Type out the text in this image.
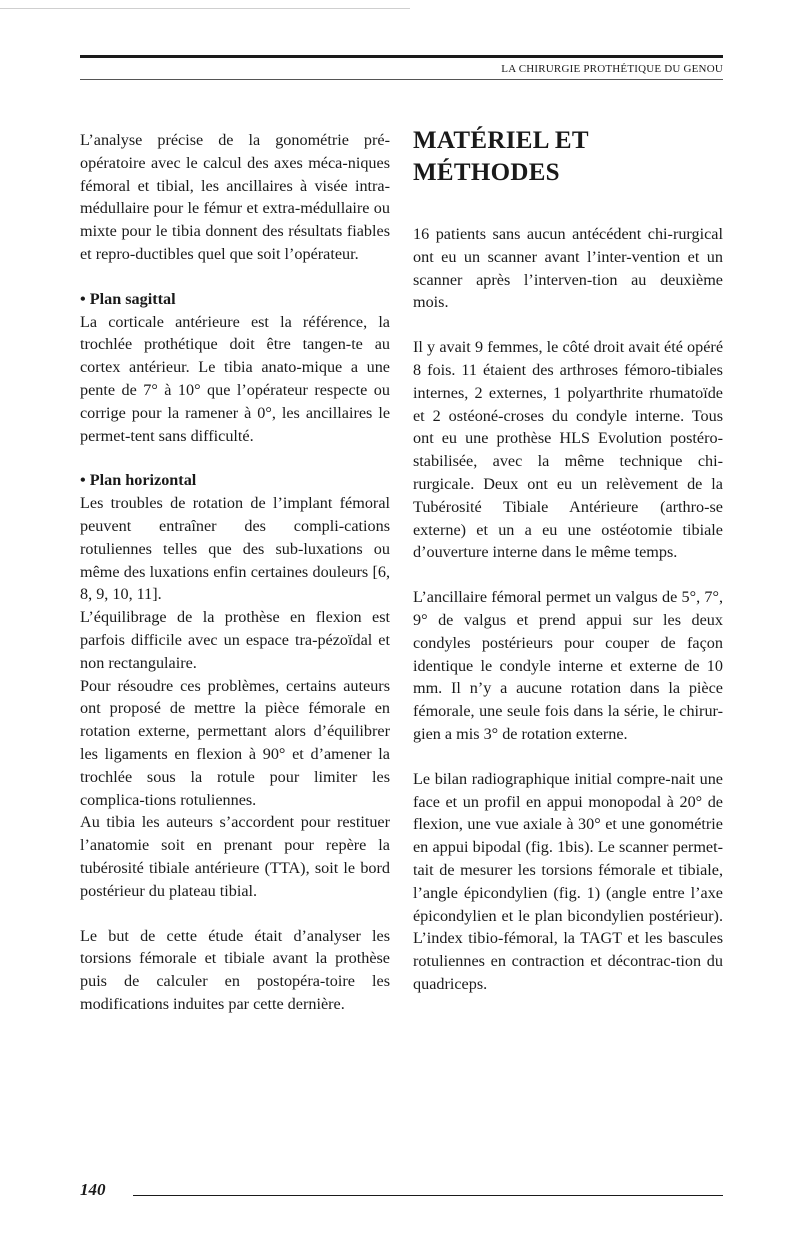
LA CHIRURGIE PROTHÉTIQUE DU GENOU

L’analyse précise de la gonométrie pré-opératoire avec le calcul des axes méca-niques fémoral et tibial, les ancillaires à visée intra-médullaire pour le fémur et extra-médullaire ou mixte pour le tibia donnent des résultats fiables et repro-ductibles quel que soit l’opérateur.

• Plan sagittal

La corticale antérieure est la référence, la trochlée prothétique doit être tangen-te au cortex antérieur. Le tibia anato-mique a une pente de 7° à 10° que l’opérateur respecte ou corrige pour la ramener à 0°, les ancillaires le permet-tent sans difficulté.

• Plan horizontal

Les troubles de rotation de l’implant fémoral peuvent entraîner des compli-cations rotuliennes telles que des sub-luxations ou même des luxations enfin certaines douleurs [6, 8, 9, 10, 11].

L’équilibrage de la prothèse en flexion est parfois difficile avec un espace tra-pézoïdal et non rectangulaire.

Pour résoudre ces problèmes, certains auteurs ont proposé de mettre la pièce fémorale en rotation externe, permettant alors d’équilibrer les ligaments en flexion à 90° et d’amener la trochlée sous la rotule pour limiter les complica-tions rotuliennes.

Au tibia les auteurs s’accordent pour restituer l’anatomie soit en prenant pour repère la tubérosité tibiale antérieure (TTA), soit le bord postérieur du plateau tibial.

Le but de cette étude était d’analyser les torsions fémorale et tibiale avant la prothèse puis de calculer en postopéra-toire les modifications induites par cette dernière.

MATÉRIEL ET
MÉTHODES

16 patients sans aucun antécédent chi-rurgical ont eu un scanner avant l’inter-vention et un scanner après l’interven-tion au deuxième mois.

Il y avait 9 femmes, le côté droit avait été opéré 8 fois. 11 étaient des arthroses fémoro-tibiales internes, 2 externes, 1 polyarthrite rhumatoïde et 2 ostéoné-croses du condyle interne. Tous ont eu une prothèse HLS Evolution postéro-stabilisée, avec la même technique chi-rurgicale. Deux ont eu un relèvement de la Tubérosité Tibiale Antérieure (arthro-se externe) et un a eu une ostéotomie tibiale d’ouverture interne dans le même temps.

L’ancillaire fémoral permet un valgus de 5°, 7°, 9° de valgus et prend appui sur les deux condyles postérieurs pour couper de façon identique le condyle interne et externe de 10 mm. Il n’y a aucune rotation dans la pièce fémorale, une seule fois dans la série, le chirur-gien a mis 3° de rotation externe.

Le bilan radiographique initial compre-nait une face et un profil en appui monopodal à 20° de flexion, une vue axiale à 30° et une gonométrie en appui bipodal (fig. 1bis). Le scanner permet-tait de mesurer les torsions fémorale et tibiale, l’angle épicondylien (fig. 1) (angle entre l’axe épicondylien et le plan bicondylien postérieur). L’index tibio-fémoral, la TAGT et les bascules rotuliennes en contraction et décontrac-tion du quadriceps.

140
